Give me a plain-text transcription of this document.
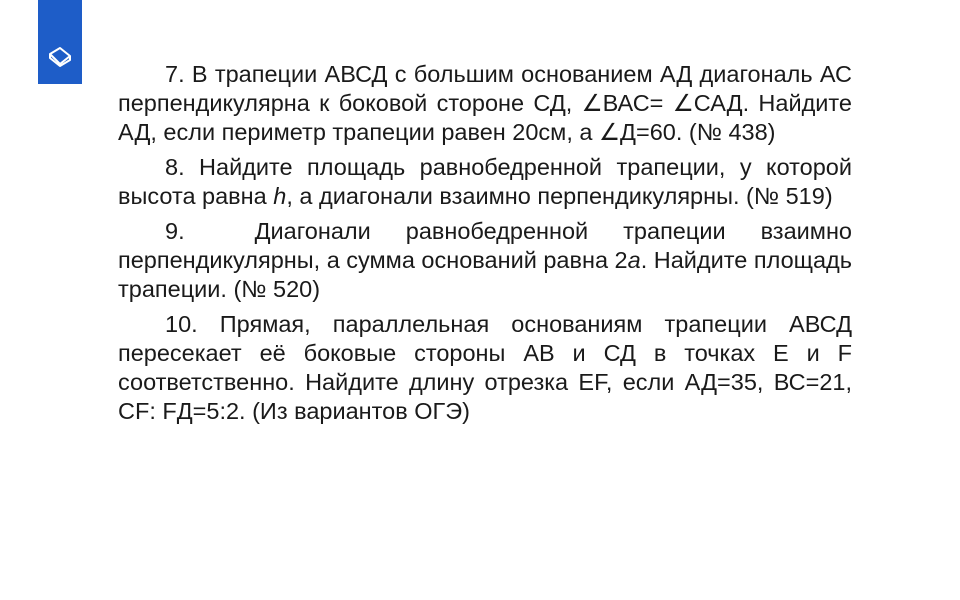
7. В трапеции АВСД с большим основанием АД диагональ АС перпендикулярна к боковой стороне СД, ∠ВАС= ∠САД. Найдите АД, если периметр трапеции равен 20см, а ∠Д=60. (№ 438)

8. Найдите площадь равнобедренной трапеции, у которой высота равна h, а диагонали взаимно перпендикулярны. (№ 519)

9.  Диагонали равнобедренной трапеции взаимно перпендикулярны, а сумма оснований равна 2a. Найдите площадь трапеции. (№ 520)

10. Прямая, параллельная основаниям трапеции АВСД пересекает её боковые стороны АВ и СД в точках Е и F соответственно. Найдите длину отрезка EF, если АД=35, ВС=21, CF: FД=5:2. (Из вариантов ОГЭ)
